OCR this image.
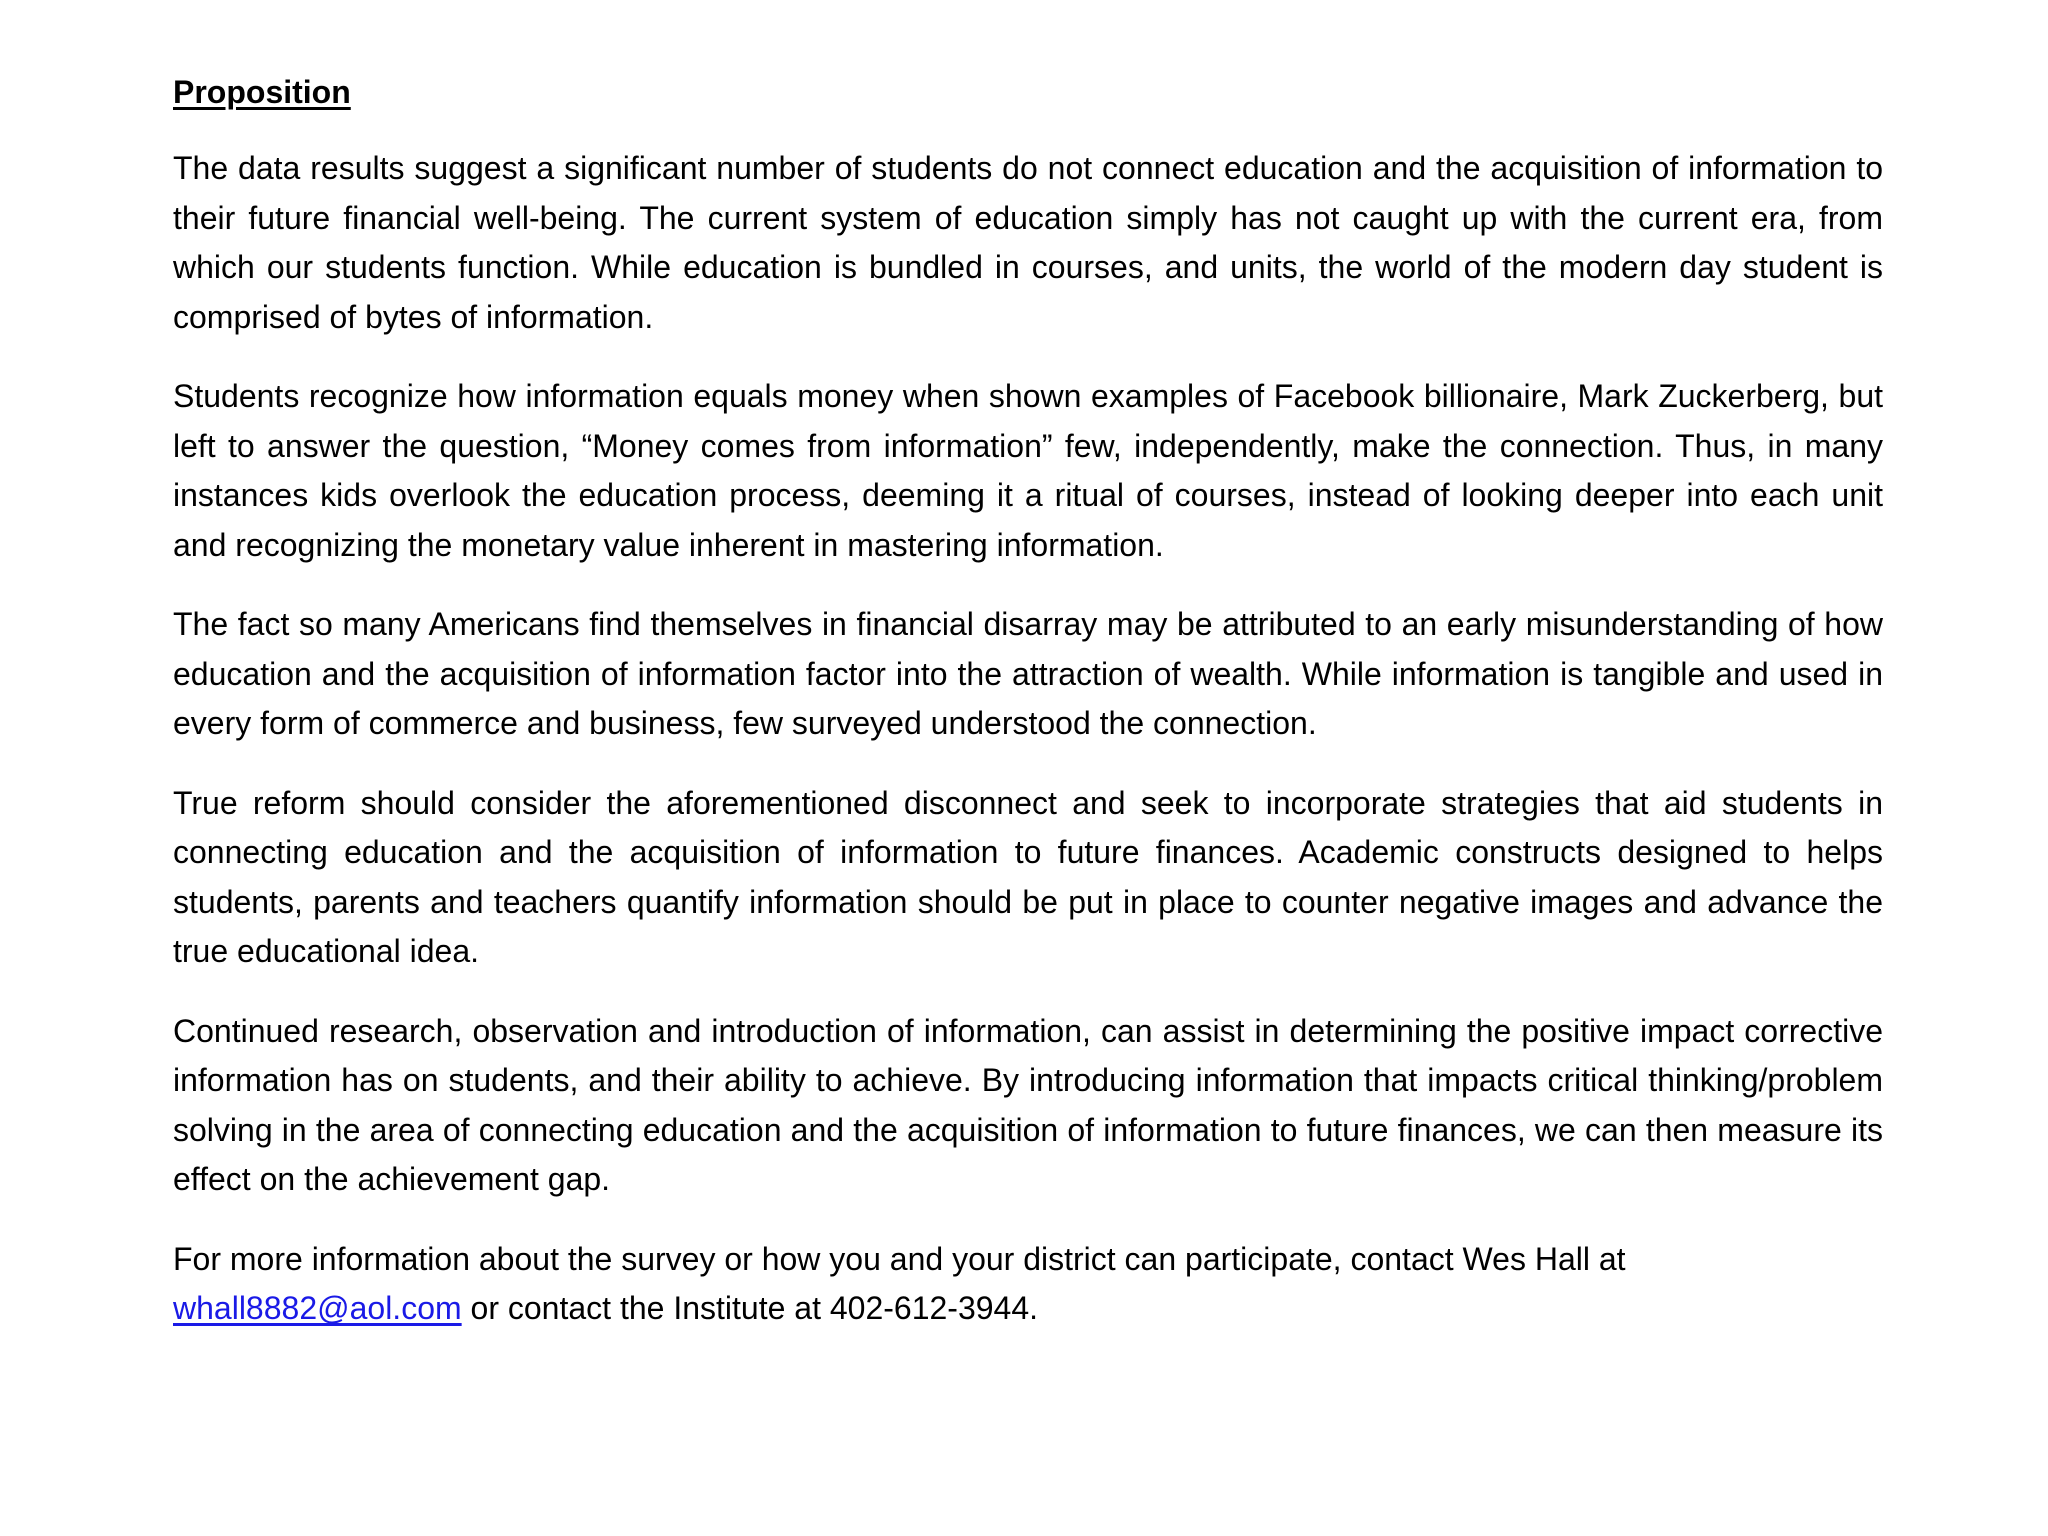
Proposition

The data results suggest a significant number of students do not connect education and the acquisition of information to their future financial well-being. The current system of education simply has not caught up with the current era, from which our students function. While education is bundled in courses, and units, the world of the modern day student is comprised of bytes of information.

Students recognize how information equals money when shown examples of Facebook billionaire, Mark Zuckerberg, but left to answer the question, “Money comes from information” few, independently, make the connection. Thus, in many instances kids overlook the education process, deeming it a ritual of courses, instead of looking deeper into each unit and recognizing the monetary value inherent in mastering information.

The fact so many Americans find themselves in financial disarray may be attributed to an early misunderstanding of how education and the acquisition of information factor into the attraction of wealth. While information is tangible and used in every form of commerce and business, few surveyed understood the connection.

True reform should consider the aforementioned disconnect and seek to incorporate strategies that aid students in connecting education and the acquisition of information to future finances. Academic constructs designed to helps students, parents and teachers quantify information should be put in place to counter negative images and advance the true educational idea.

Continued research, observation and introduction of information, can assist in determining the positive impact corrective information has on students, and their ability to achieve. By introducing information that impacts critical thinking/problem solving in the area of connecting education and the acquisition of information to future finances, we can then measure its effect on the achievement gap.

For more information about the survey or how you and your district can participate, contact Wes Hall at whall8882@aol.com or contact the Institute at 402-612-3944.
